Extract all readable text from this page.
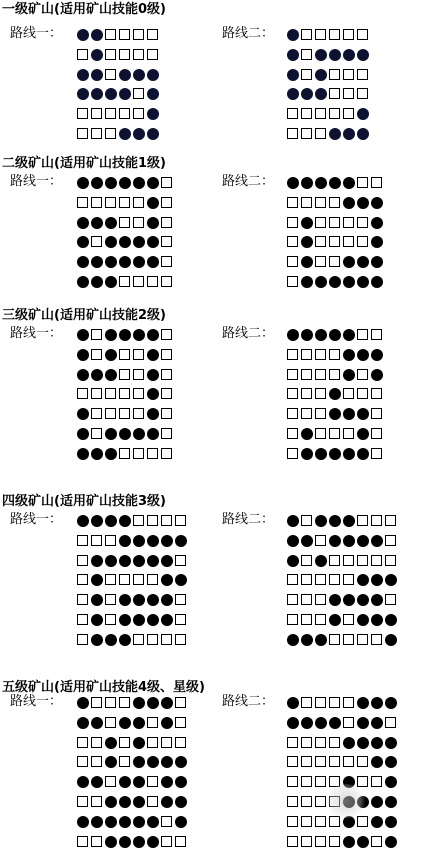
一级矿山(适用矿山技能0级)
路线一：	路线二：
二级矿山(适用矿山技能1级)
路线一：	路线二：
三级矿山(适用矿山技能2级)
路线一：	路线二：
四级矿山(适用矿山技能3级)
路线一：	路线二：
五级矿山(适用矿山技能4级、星级)
路线一：	路线二：
